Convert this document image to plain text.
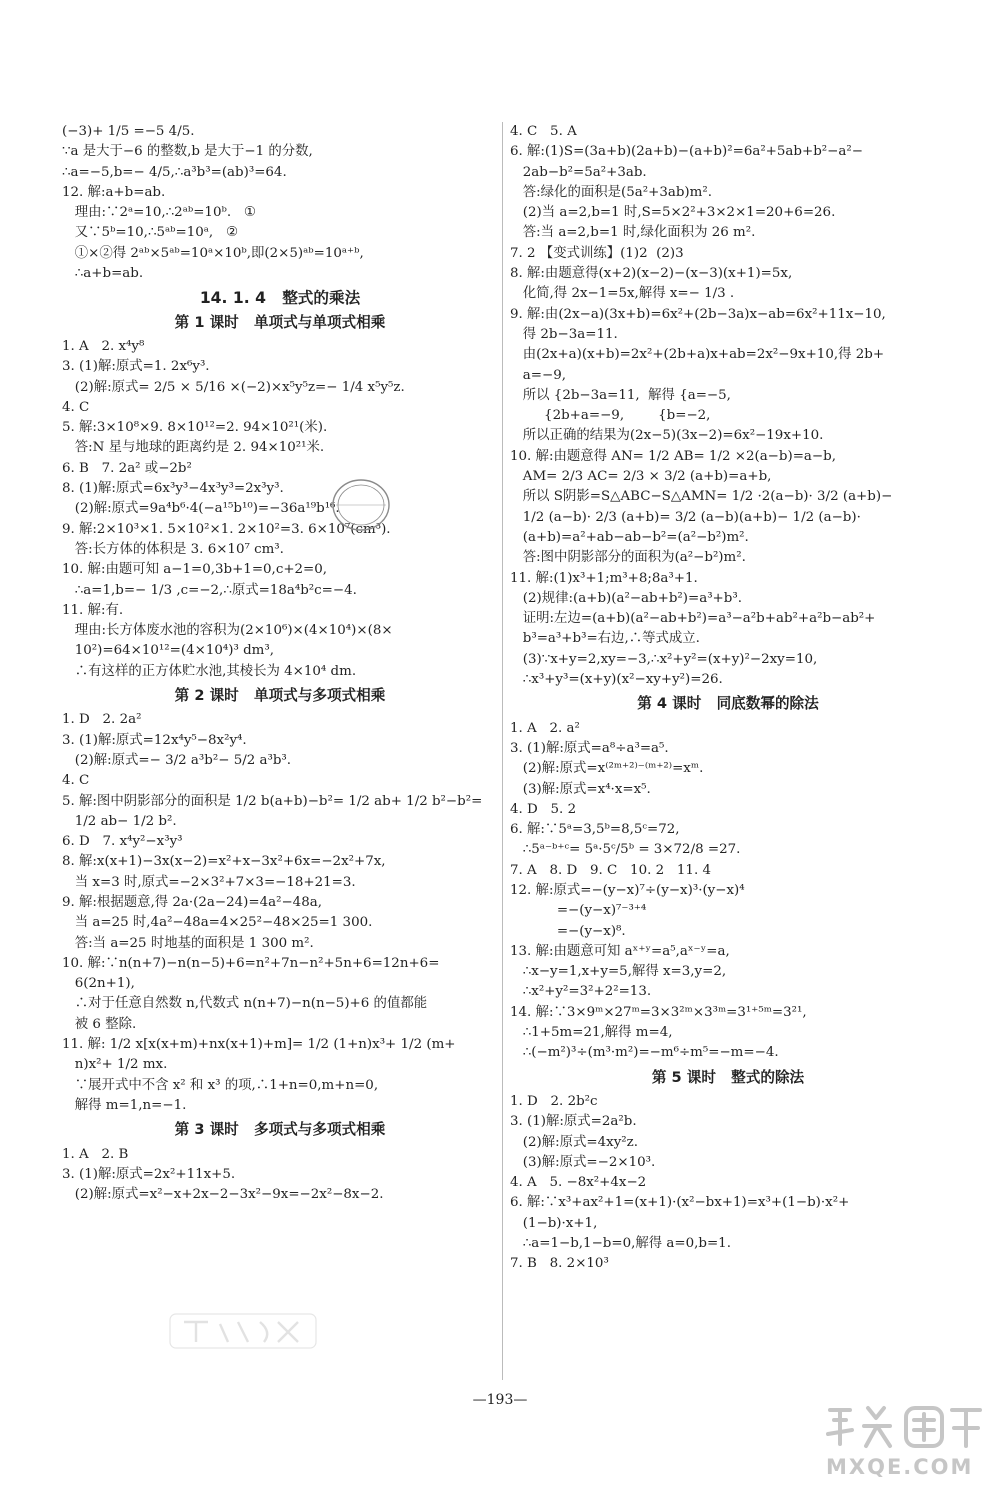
(−3)+ 1/5 =−5 4/5.
∵a 是大于−6 的整数,b 是大于−1 的分数,
∴a=−5,b=− 4/5,∴a³b³=(ab)³=64.
12. 解:a+b=ab.
理由:∵2ᵃ=10,∴2ᵃᵇ=10ᵇ.   ①
又∵5ᵇ=10,∴5ᵃᵇ=10ᵃ,   ②
①×②得 2ᵃᵇ×5ᵃᵇ=10ᵃ×10ᵇ,即(2×5)ᵃᵇ=10ᵃ⁺ᵇ,
∴a+b=ab.
14. 1. 4   整式的乘法
第 1 课时   单项式与单项式相乘
1. A   2. x⁴y⁸
3. (1)解:原式=1. 2x⁶y³.
(2)解:原式= 2/5 × 5/16 ×(−2)×x⁵y⁵z=− 1/4 x⁵y⁵z.
4. C
5. 解:3×10⁸×9. 8×10¹²=2. 94×10²¹(米).
答:N 星与地球的距离约是 2. 94×10²¹米.
6. B   7. 2a² 或−2b²
8. (1)解:原式=6x³y³−4x³y³=2x³y³.
(2)解:原式=9a⁴b⁶·4(−a¹⁵b¹⁰)=−36a¹⁹b¹⁶.
9. 解:2×10³×1. 5×10²×1. 2×10²=3. 6×10⁷(cm³).
答:长方体的体积是 3. 6×10⁷ cm³.
10. 解:由题可知 a−1=0,3b+1=0,c+2=0,
∴a=1,b=− 1/3 ,c=−2,∴原式=18a⁴b²c=−4.
11. 解:有.
理由:长方体废水池的容积为(2×10⁶)×(4×10⁴)×(8×
10²)=64×10¹²=(4×10⁴)³ dm³,
∴有这样的正方体贮水池,其棱长为 4×10⁴ dm.
第 2 课时   单项式与多项式相乘
1. D   2. 2a²
3. (1)解:原式=12x⁴y⁵−8x²y⁴.
(2)解:原式=− 3/2 a³b²− 5/2 a³b³.
4. C
5. 解:图中阴影部分的面积是 1/2 b(a+b)−b²= 1/2 ab+ 1/2 b²−b²=
1/2 ab− 1/2 b².
6. D   7. x⁴y²−x³y³
8. 解:x(x+1)−3x(x−2)=x²+x−3x²+6x=−2x²+7x,
当 x=3 时,原式=−2×3²+7×3=−18+21=3.
9. 解:根据题意,得 2a·(2a−24)=4a²−48a,
当 a=25 时,4a²−48a=4×25²−48×25=1 300.
答:当 a=25 时地基的面积是 1 300 m².
10. 解:∵n(n+7)−n(n−5)+6=n²+7n−n²+5n+6=12n+6=
6(2n+1),
∴对于任意自然数 n,代数式 n(n+7)−n(n−5)+6 的值都能
被 6 整除.
11. 解: 1/2 x[x(x+m)+nx(x+1)+m]= 1/2 (1+n)x³+ 1/2 (m+
n)x²+ 1/2 mx.
∵展开式中不含 x² 和 x³ 的项,∴1+n=0,m+n=0,
解得 m=1,n=−1.
第 3 课时   多项式与多项式相乘
1. A   2. B
3. (1)解:原式=2x²+11x+5.
(2)解:原式=x²−x+2x−2−3x²−9x=−2x²−8x−2.
4. C   5. A
6. 解:(1)S=(3a+b)(2a+b)−(a+b)²=6a²+5ab+b²−a²−
2ab−b²=5a²+3ab.
答:绿化的面积是(5a²+3ab)m².
(2)当 a=2,b=1 时,S=5×2²+3×2×1=20+6=26.
答:当 a=2,b=1 时,绿化面积为 26 m².
7. 2 【变式训练】(1)2  (2)3
8. 解:由题意得(x+2)(x−2)−(x−3)(x+1)=5x,
化简,得 2x−1=5x,解得 x=− 1/3 .
9. 解:由(2x−a)(3x+b)=6x²+(2b−3a)x−ab=6x²+11x−10,
得 2b−3a=11.
由(2x+a)(x+b)=2x²+(2b+a)x+ab=2x²−9x+10,得 2b+
a=−9,
所以 {2b−3a=11,  解得 {a=−5,
{2b+a=−9,        {b=−2,
所以正确的结果为(2x−5)(3x−2)=6x²−19x+10.
10. 解:由题意得 AN= 1/2 AB= 1/2 ×2(a−b)=a−b,
AM= 2/3 AC= 2/3 × 3/2 (a+b)=a+b,
所以 S阴影=S△ABC−S△AMN= 1/2 ·2(a−b)· 3/2 (a+b)−
1/2 (a−b)· 2/3 (a+b)= 3/2 (a−b)(a+b)− 1/2 (a−b)·
(a+b)=a²+ab−ab−b²=(a²−b²)m².
答:图中阴影部分的面积为(a²−b²)m².
11. 解:(1)x³+1;m³+8;8a³+1.
(2)规律:(a+b)(a²−ab+b²)=a³+b³.
证明:左边=(a+b)(a²−ab+b²)=a³−a²b+ab²+a²b−ab²+
b³=a³+b³=右边,∴等式成立.
(3)∵x+y=2,xy=−3,∴x²+y²=(x+y)²−2xy=10,
∴x³+y³=(x+y)(x²−xy+y²)=26.
第 4 课时   同底数幂的除法
1. A   2. a²
3. (1)解:原式=a⁸÷a³=a⁵.
(2)解:原式=x⁽²ᵐ⁺²⁾⁻⁽ᵐ⁺²⁾=xᵐ.
(3)解:原式=x⁴·x=x⁵.
4. D   5. 2
6. 解:∵5ᵃ=3,5ᵇ=8,5ᶜ=72,
∴5ᵃ⁻ᵇ⁺ᶜ= 5ᵃ·5ᶜ/5ᵇ = 3×72/8 =27.
7. A   8. D   9. C   10. 2   11. 4
12. 解:原式=−(y−x)⁷÷(y−x)³·(y−x)⁴
=−(y−x)⁷⁻³⁺⁴
=−(y−x)⁸.
13. 解:由题意可知 aˣ⁺ʸ=a⁵,aˣ⁻ʸ=a,
∴x−y=1,x+y=5,解得 x=3,y=2,
∴x²+y²=3²+2²=13.
14. 解:∵3×9ᵐ×27ᵐ=3×3²ᵐ×3³ᵐ=3¹⁺⁵ᵐ=3²¹,
∴1+5m=21,解得 m=4,
∴(−m²)³÷(m³·m²)=−m⁶÷m⁵=−m=−4.
第 5 课时   整式的除法
1. D   2. 2b²c
3. (1)解:原式=2a²b.
(2)解:原式=4xy²z.
(3)解:原式=−2×10³.
4. A   5. −8x²+4x−2
6. 解:∵x³+ax²+1=(x+1)·(x²−bx+1)=x³+(1−b)·x²+
(1−b)·x+1,
∴a=1−b,1−b=0,解得 a=0,b=1.
7. B   8. 2×10³
—193—
MXQE.COM
